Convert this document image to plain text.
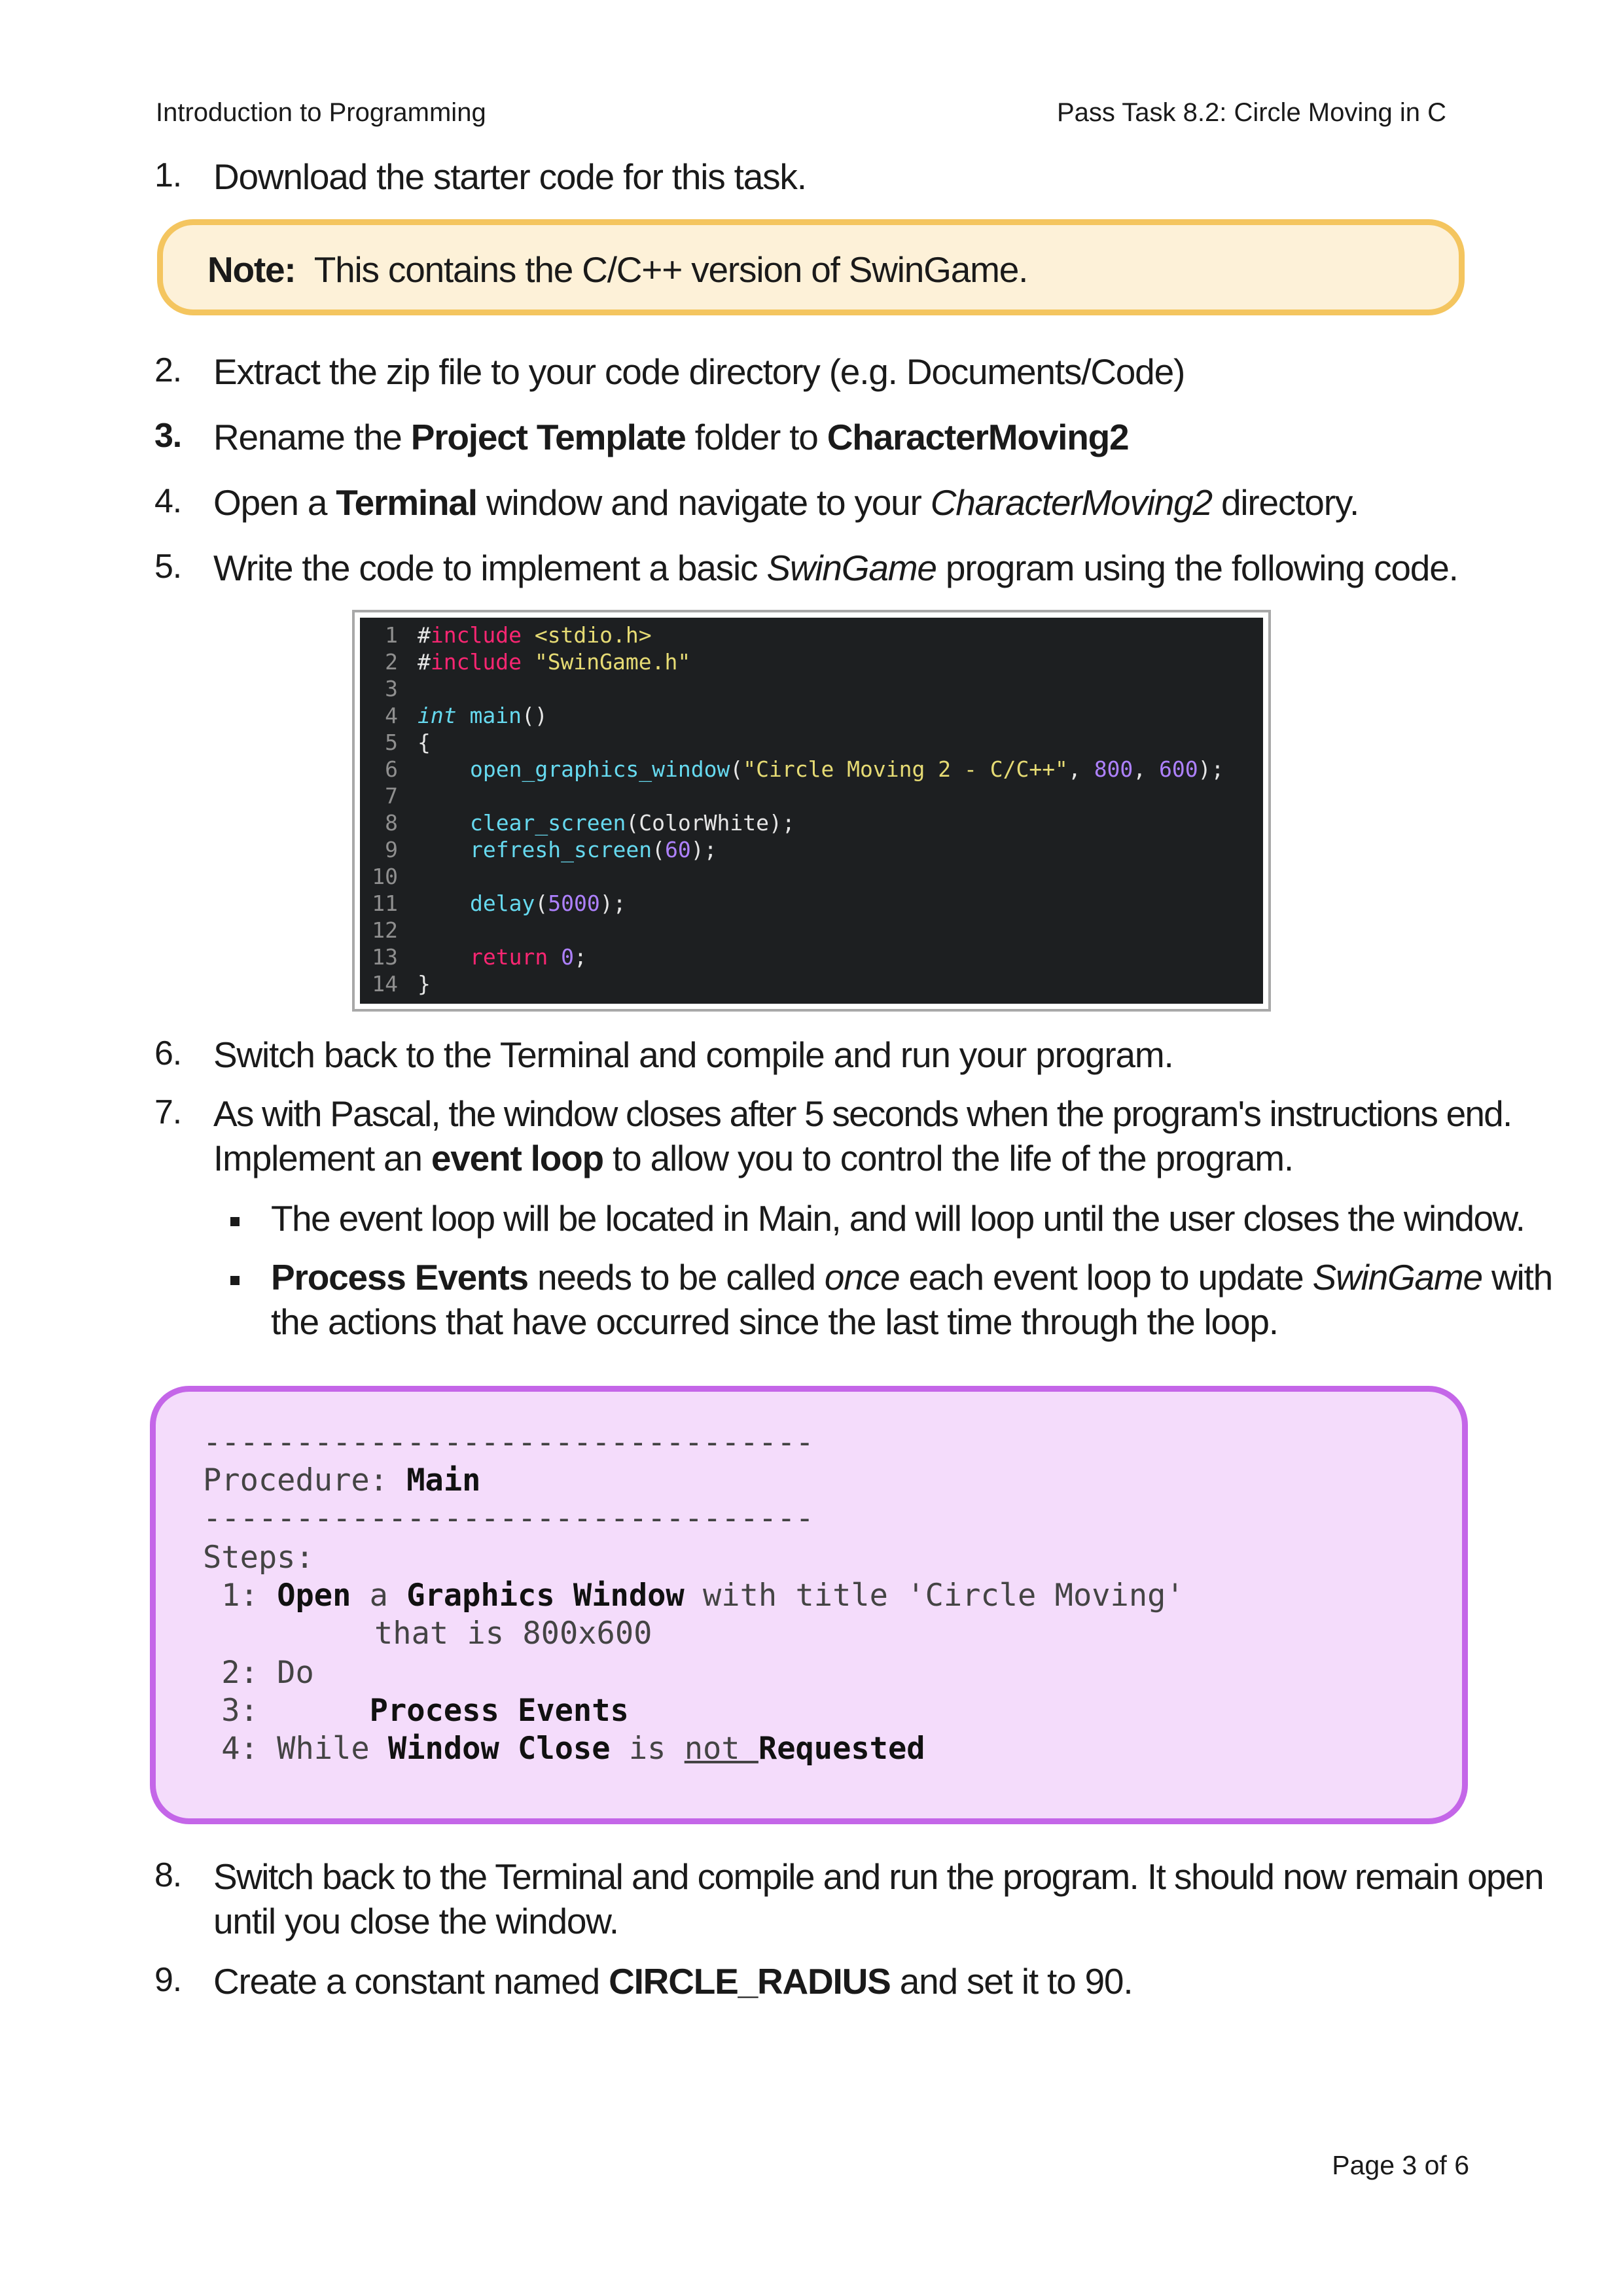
Introduction to Programming	Pass Task 8.2: Circle Moving in C
1. Download the starter code for this task.
Note: This contains the C/C++ version of SwinGame.
2. Extract the zip file to your code directory (e.g. Documents/Code)
3. Rename the Project Template folder to CharacterMoving2
4. Open a Terminal window and navigate to your CharacterMoving2 directory.
5. Write the code to implement a basic SwinGame program using the following code.
1 #include <stdio.h>
2 #include "SwinGame.h"
3
4 int main()
5 {
6	open_graphics_window("Circle Moving 2 - C/C++", 800, 600);
7
8	clear_screen(ColorWhite);
9	refresh_screen(60);
10
11	delay(5000);
12
13	return 0;
14 }
6. Switch back to the Terminal and compile and run your program.
7. As with Pascal, the window closes after 5 seconds when the program's instructions end.
Implement an event loop to allow you to control the life of the program.
The event loop will be located in Main, and will loop until the user closes the window.
Process Events needs to be called once each event loop to update SwinGame with
the actions that have occurred since the last time through the loop.
---------------------------------
Procedure: Main
---------------------------------
Steps:
1: Open a Graphics Window with title 'Circle Moving'
that is 800x600
2: Do
3:      Process Events
4: While Window Close is not Requested
8. Switch back to the Terminal and compile and run the program. It should now remain open
until you close the window.
9. Create a constant named CIRCLE_RADIUS and set it to 90.
Page 3 of 6
